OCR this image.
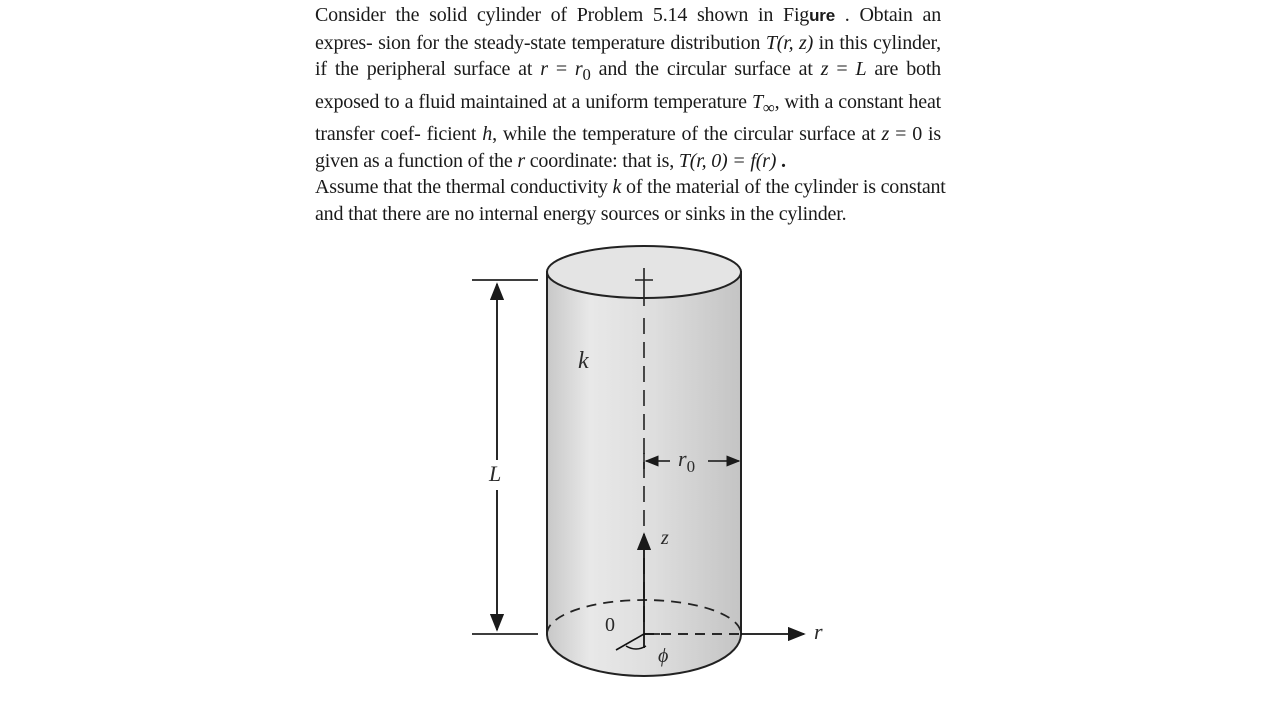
Consider the solid cylinder of Problem 5.14 shown in Figure . Obtain an expres- sion for the steady-state temperature distribution T(r, z) in this cylinder, if the peripheral surface at $r = r_0$ and the circular surface at z = L are both exposed to a fluid maintained at a uniform temperature $T_\infty$, with a constant heat transfer coef- ficient h, while the temperature of the circular surface at z = 0 is given as a function of the r coordinate: that is, T(r, 0) = f(r) .

Assume that the thermal conductivity k of the material of the cylinder is constant and that there are no internal energy sources or sinks in the cylinder.

k
L
$r_0$
z
0	r
ϕ
